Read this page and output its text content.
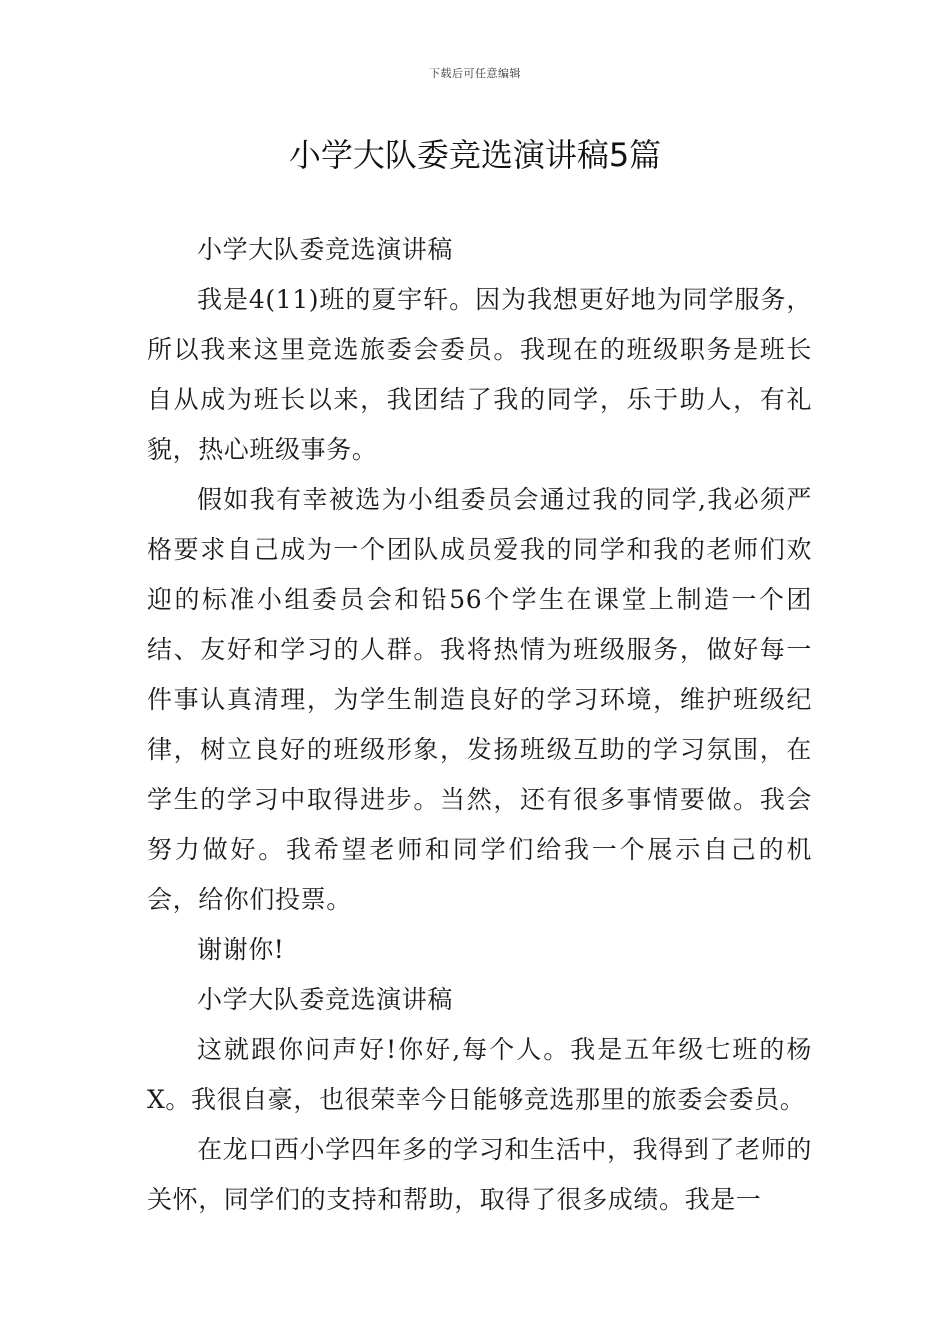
下载后可任意编辑
小学大队委竞选演讲稿5篇

小学大队委竞选演讲稿

我是4(11)班的夏宇轩。因为我想更好地为同学服务，所以我来这里竞选旅委会委员。我现在的班级职务是班长自从成为班长以来，我团结了我的同学，乐于助人，有礼貌，热心班级事务。

假如我有幸被选为小组委员会通过我的同学,我必须严格要求自己成为一个团队成员爱我的同学和我的老师们欢迎的标准小组委员会和铅56个学生在课堂上制造一个团结、友好和学习的人群。我将热情为班级服务，做好每一件事认真清理，为学生制造良好的学习环境，维护班级纪律，树立良好的班级形象，发扬班级互助的学习氛围，在学生的学习中取得进步。当然，还有很多事情要做。我会努力做好。我希望老师和同学们给我一个展示自己的机会，给你们投票。

谢谢你!

小学大队委竞选演讲稿

这就跟你问声好!你好,每个人。我是五年级七班的杨X。我很自豪，也很荣幸今日能够竞选那里的旅委会委员。

在龙口西小学四年多的学习和生活中，我得到了老师的关怀，同学们的支持和帮助，取得了很多成绩。我是一
